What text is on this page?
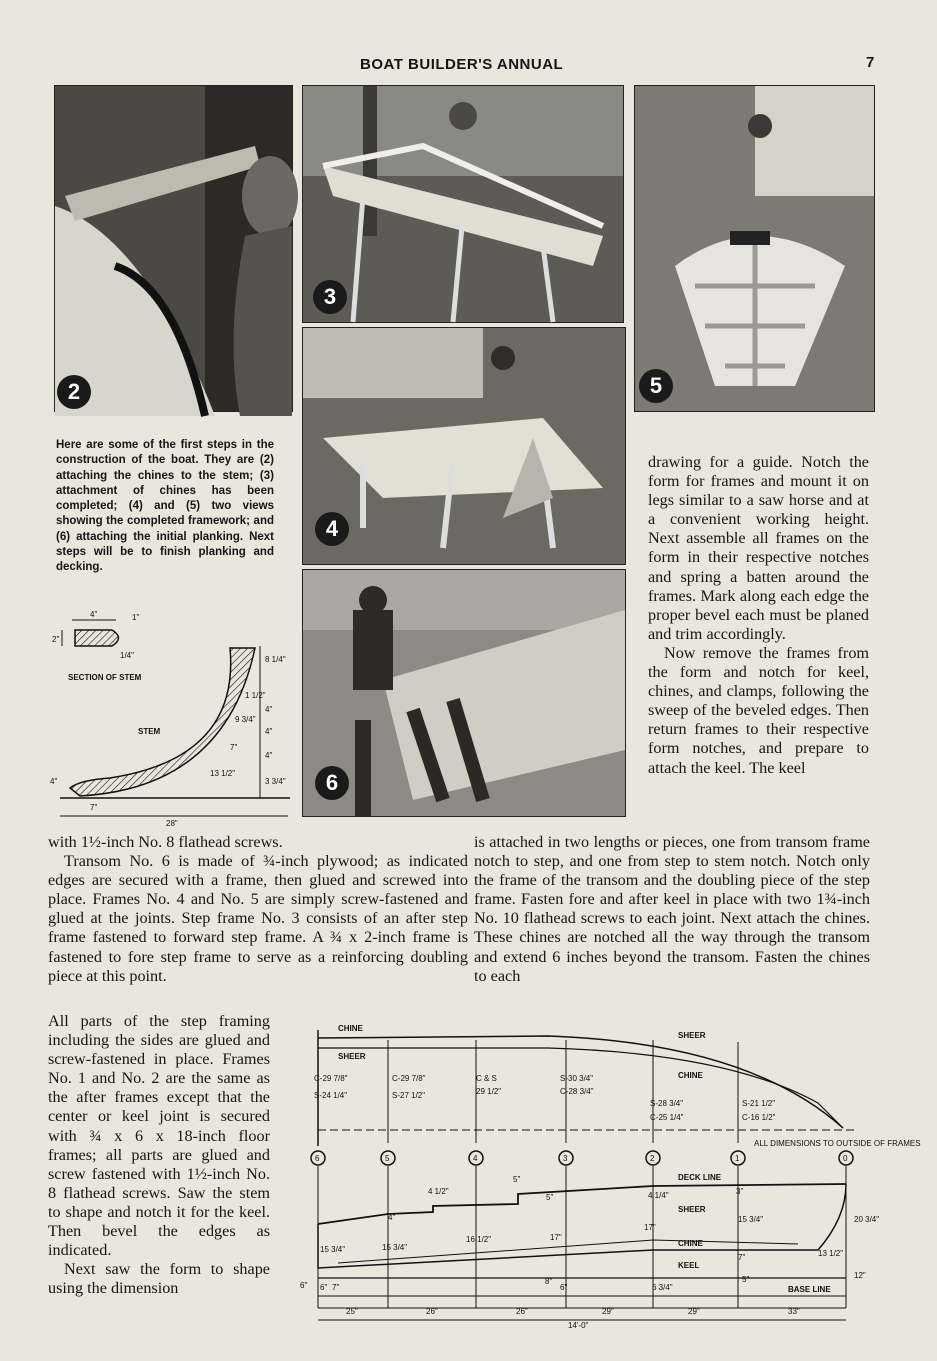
BOAT BUILDER'S ANNUAL	7
2
3
5
4
6
Here are some of the first steps in the construction of the boat. They are (2) attaching the chines to the stem; (3) attachment of chines has been completed; (4) and (5) two views showing the completed framework; and (6) attaching the initial planking. Next steps will be to finish planking and decking.
4"
2"
1"
1/4"
SECTION OF STEM
STEM
8 1/4"
1 1/2"
4"
9 3/4"
4"
7"
4"
13 1/2"
3 3/4"
4"
7"
28"

drawing for a guide. Notch the form for frames and mount it on legs similar to a saw horse and at a convenient working height. Next assemble all frames on the form in their respective notches and spring a batten around the frames. Mark along each edge the proper bevel each must be planed and trim accordingly.

Now remove the frames from the form and notch for keel, chines, and clamps, following the sweep of the beveled edges. Then return frames to their respective form notches, and prepare to attach the keel. The keel

with 1½-inch No. 8 flathead screws.

Transom No. 6 is made of ¾-inch plywood; as indicated edges are secured with a frame, then glued and screwed into place. Frames No. 4 and No. 5 are simply screw-fastened and glued at the joints. Step frame No. 3 consists of an after step frame fastened to forward step frame. A ¾ x 2-inch frame is fastened to fore step frame to serve as a reinforcing doubling piece at this point.

All parts of the step framing including the sides are glued and screw-fastened in place. Frames No. 1 and No. 2 are the same as the after frames except that the center or keel joint is secured with ¾ x 6 x 18-inch floor frames; all parts are glued and screw fastened with 1½-inch No. 8 flathead screws. Saw the stem to shape and notch it for the keel. Then bevel the edges as indicated.

Next saw the form to shape using the dimension

is attached in two lengths or pieces, one from transom frame notch to step, and one from step to stem notch. Notch only the frame of the transom and the doubling piece of the step frame. Fasten fore and after keel in place with two 1¾-inch No. 10 flathead screws to each joint. Next attach the chines. These chines are notched all the way through the transom and extend 6 inches beyond the transom. Fasten the chines to each

CHINE
SHEER
SHEER
CHINE
C-29 7/8"
S-24 1/4"
C-29 7/8"
S-27 1/2"
C & S
29 1/2"
S-30 3/4"
C-28 3/4"
S-28 3/4"
C-25 1/4"
S-21 1/2"
C-16 1/2"
ALL DIMENSIONS TO OUTSIDE OF FRAMES
6	5	4	3	2	1	0
DECK LINE
SHEER
CHINE
KEEL
BASE LINE
4 1/2"
5"
5"
4"
4 1/4"	3"
15 3/4"	15 3/4"
16 1/2"	17"
17"
15 3/4"	20 3/4"
12"
13 1/2"
7"
6"	8"
6"	6 3/4"
5"
6" 7"
25"	26"	26"	29"	29"	33"
14'-0"
